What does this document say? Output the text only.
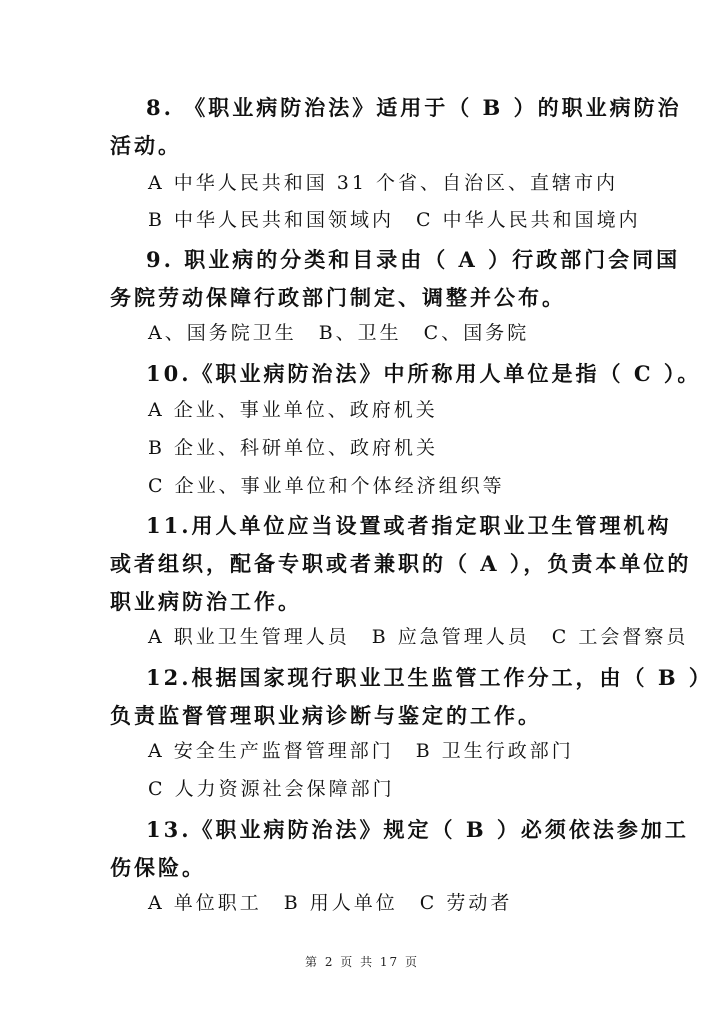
8. 《职业病防治法》适用于（ B ）的职业病防治
活动。
A 中华人民共和国 31 个省、自治区、直辖市内
B 中华人民共和国领域内　C 中华人民共和国境内
9. 职业病的分类和目录由（ A ）行政部门会同国
务院劳动保障行政部门制定、调整并公布。
A、国务院卫生　B、卫生　C、国务院
10.《职业病防治法》中所称用人单位是指（ C ）。
A 企业、事业单位、政府机关
B 企业、科研单位、政府机关
C 企业、事业单位和个体经济组织等
11.用人单位应当设置或者指定职业卫生管理机构
或者组织，配备专职或者兼职的（ A ），负责本单位的
职业病防治工作。
A 职业卫生管理人员　B 应急管理人员　C 工会督察员
12.根据国家现行职业卫生监管工作分工，由（ B ）
负责监督管理职业病诊断与鉴定的工作。
A 安全生产监督管理部门　B 卫生行政部门
C 人力资源社会保障部门
13.《职业病防治法》规定（ B ）必须依法参加工
伤保险。
A 单位职工　B 用人单位　C 劳动者
第 2 页 共 17 页
